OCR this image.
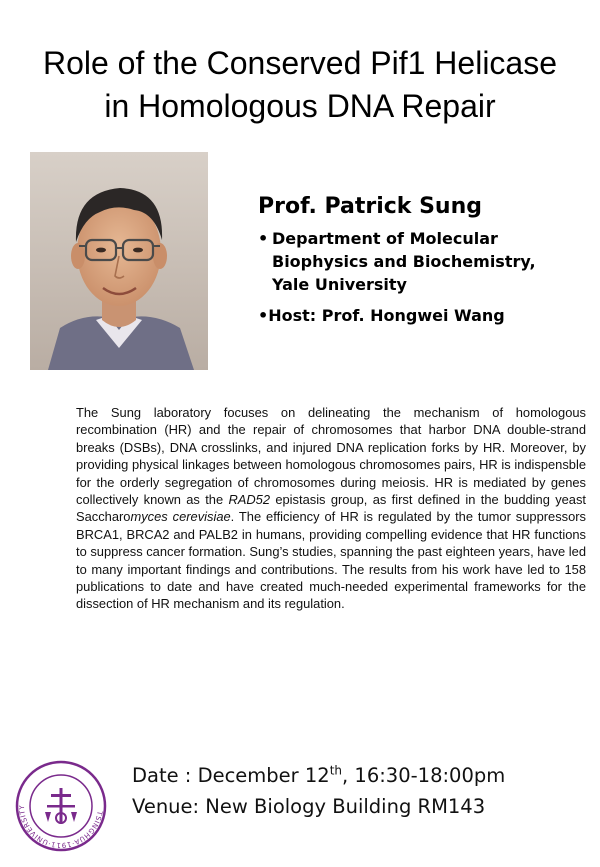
Role of the Conserved Pif1 Helicase
in Homologous DNA Repair
Prof. Patrick Sung
• Department of Molecular
Biophysics and Biochemistry,
Yale University
•Host: Prof. Hongwei Wang
The Sung laboratory focuses on delineating the mechanism of homologous recombination (HR) and the repair of chromosomes that harbor DNA double-strand breaks (DSBs), DNA crosslinks, and injured DNA replication forks by HR. Moreover, by providing physical linkages between homologous chromosomes pairs, HR is indispensble for the orderly segregation of chromosomes during meiosis. HR is mediated by genes collectively known as the RAD52 epistasis group, as first defined in the budding yeast Saccharomyces cerevisiae. The efficiency of HR is regulated by the tumor suppressors BRCA1, BRCA2 and PALB2 in humans, providing compelling evidence that HR functions to suppress cancer formation. Sung’s studies, spanning the past eighteen years, have led to many important findings and contributions. The results from his work have led to 158 publications to date and have created much-needed experimental frameworks for the dissection of HR mechanism and its regulation.
TSINGHUA·1911·UNIVERSITY
Date : December 12th, 16:30-18:00pm
Venue: New Biology Building RM143
